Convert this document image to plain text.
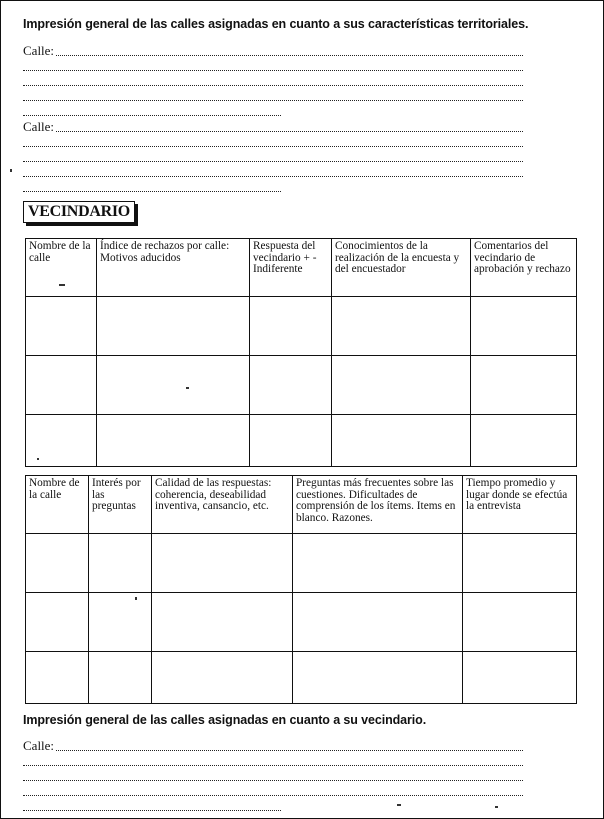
Impresión general de las calles asignadas en cuanto a sus características territoriales.
Calle:
Calle:
VECINDARIO
Nombre de la calle	Índice de rechazos por calle: Motivos aducidos	Respuesta del vecindario + - Indiferente	Conocimientos de la realización de la encuesta y del encuestador	Comentarios del vecindario de aprobación y rechazo

Nombre de la calle	Interés por las preguntas	Calidad de las respuestas: coherencia, deseabilidad inventiva, cansancio, etc.	Preguntas más frecuentes sobre las cuestiones. Dificultades de comprensión de los ítems. Items en blanco. Razones.	Tiempo promedio y lugar donde se efectúa la entrevista

Impresión general de las calles asignadas en cuanto a su vecindario.
Calle:
